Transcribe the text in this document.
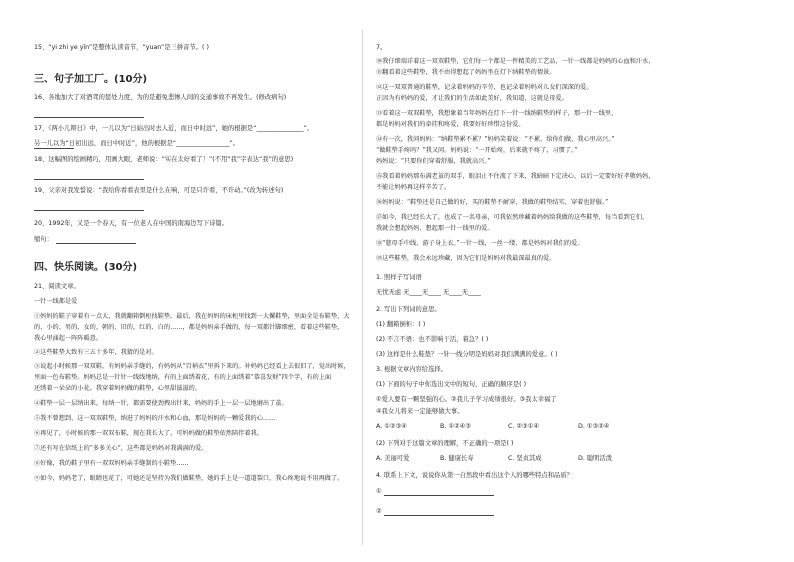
15、“yi zhi ye yīn”是整体认读音节，“yuan”是三拼音节。( )
三、句子加工厂。(10分)
16、各地加大了对酒驾的惩处力度，为的是避免悲惨人间的交通事故不再发生。(修改病句)
17、《两小儿辩日》中，一儿以为“日始出时去人近，而日中时远”，她的根据是“_______________”。
另一儿以为“日初出远，而日中时近”，他的根据是“_________________”。
18、这幅图的绘画精巧，用画大眼，老师说：“实在太好看了！”(不用“我”字表达“我”的意思)
19、父亲对我发誓说：“我给你看看表里是什么在响，可是只许看，不许动。”(改为转述句)
20、1992年，又是一个春天，有一位老人在中国的南海边写下诗篇。
缩句：
四、快乐阅读。(30分)
21、阅读文章。
一针一线都是爱
①妈妈的鞋子穿着有一点大，我就翻箱倒柜找鞋垫。最后，我在妈妈的床柜里找到一大摞鞋垫，里面全是布鞋垫，大
的、小的、男的、女的、朝的、旧的，红的、白的……，都是妈妈亲手做的，每一双都针脚细密，看着这些鞋垫，
我心里涌起一阵阵暖意。
②这些鞋垫大致有三五十多年，我猜的是对。
③说起小时候那一双双鞋，有妈妈亲手缝的，有妈妈从“百衲衣”里拆下来的。补妈妈已经看上去很旧了，觉出时候，
里面一色布鞋垫。妈妈总是一针针一线线地纳，有的上面绣着花，有的上面绣着“恭喜发财”四个字，有的上面
还绣着一朵朵的小花。我穿着妈妈做的鞋垫，心里甜滋滋的。
④鞋垫一层一层纳出来，每纳一针，都需要使劲拽出针来，妈妈的手上一层一层地磨出了茧。
⑤我不曾想到，这一双双鞋垫，纳进了妈妈的汗水和心血，那是妈妈的一颗爱我的心……
⑥再见了，小时候的那一双双布鞋，现在我长大了，可妈妈做的鞋垫依然陪伴着我。
⑦还有写在信纸上的“多多关心”，这些都是妈妈对我满满的爱。
⑧好像，我的鞋子里有一双双妈妈亲手缝制的小鞋垫……
⑨如今，妈妈老了，眼睛也花了，可她还是坚持为我们做鞋垫，她的手上是一道道裂口，我心疼地说不用再做了。
7。
⑩我仔细端详着这一双双鞋垫，它们每一个都是一件精美的工艺品，一针一线都是妈妈的心血和汗水，
⑪翻看着这些鞋垫，我不由得想起了妈妈坐在灯下纳鞋垫的情景。
⑫这一双双普通的鞋垫，记录着妈妈的辛劳，也记录着妈妈对儿女们深深的爱。
正因为有妈妈的爱，才让我们的生活如此美好，我知道，这就是母爱。
⑬看着这一双双鞋垫，我想象着当年妈妈在灯下一针一线纳鞋垫的样子，那一针一线里，
都是妈妈对我们的牵挂和疼爱，我要好好珍惜这份爱。
⑭有一次，我问妈妈：“纳鞋垫累不累？”妈妈笑着说：“不累，给你们做，我心里高兴。”
“做鞋垫手疼吗？”我又问。妈妈说：“一开始疼，后来就不疼了，习惯了。”
妈妈说：“只要你们穿着舒服，我就高兴。”
⑮我看着妈妈那布满老茧的双手，眼泪止不住流了下来，我暗暗下定决心，以后一定要好好孝敬妈妈，
不能让妈妈再这样辛苦了。
⑯妈妈说：“鞋垫还是自己做的好，买的鞋垫不耐穿，我做的鞋垫结实，穿着也舒服。”
⑰如今，我已经长大了，也成了一名母亲，可我依然珍藏着妈妈给我做的这些鞋垫，每当看到它们，
我就会想起妈妈，想起那一针一线里的爱。
⑱“慈母手中线，游子身上衣。”一针一线，一丝一缕，都是妈妈对我们的爱。
⑲这些鞋垫，我会永远珍藏，因为它们是妈妈对我最深最真的爱。
1. 照样子写词语
无忧无虑 无____无____ 无____无____
2. 写出下列词的意思。
(1) 翻箱倒柜：( )
(2) 不言不语：也不影响干活，着急？( )
(3) 这样是什么鞋垫？一针一线分明是妈妈对我们满满的爱意。( )
3. 根据文章内容给选择。
(1) 下面的句子中你选出文中的短句，正确的顺序是( )
①爱人要有一颗坚强的心。②我儿子学习成绩很好。③我太幸福了
④我女儿将来一定能够做大事。
A. ①②③④	B. ①②④③	C. ②③①④	D. ①③②④
(2) 下列对于这篇文章的理解，不正确的一项是( )
A. 美丽可爱	B. 健康长寿	C. 坚贞其成	D. 聪明活泼
4. 联系上下文，说说你从第一自然段中看出这个人的哪些特点和品质？
①
②
